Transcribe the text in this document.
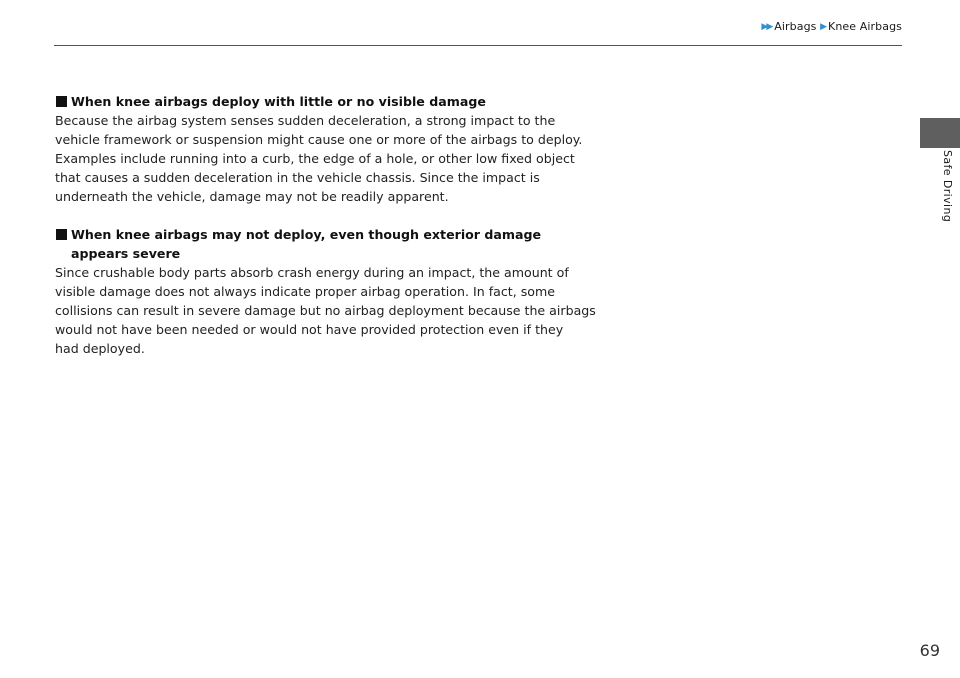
▶▶ Airbags ▶Knee Airbags
Safe Driving
When knee airbags deploy with little or no visible damage

Because the airbag system senses sudden deceleration, a strong impact to the
vehicle framework or suspension might cause one or more of the airbags to deploy.
Examples include running into a curb, the edge of a hole, or other low fixed object
that causes a sudden deceleration in the vehicle chassis. Since the impact is
underneath the vehicle, damage may not be readily apparent.

When knee airbags may not deploy, even though exterior damage
appears severe

Since crushable body parts absorb crash energy during an impact, the amount of
visible damage does not always indicate proper airbag operation. In fact, some
collisions can result in severe damage but no airbag deployment because the airbags
would not have been needed or would not have provided protection even if they
had deployed.

69
